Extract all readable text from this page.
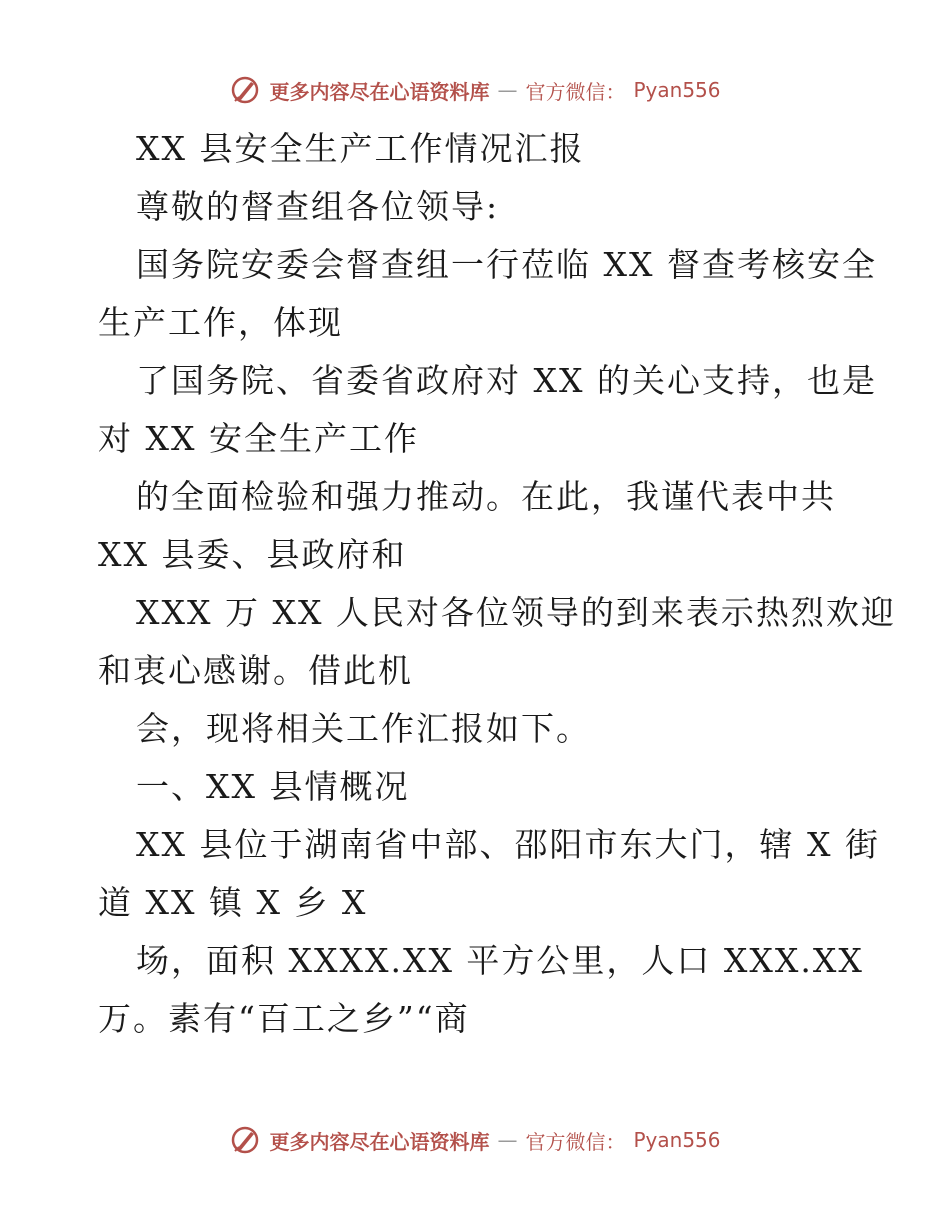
更多内容尽在心语资料库 — 官方微信： Pyan556
XX 县安全生产工作情况汇报
尊敬的督查组各位领导:
国务院安委会督查组一行莅临 XX 督查考核安全
生产工作，体现
了国务院、省委省政府对 XX 的关心支持，也是
对 XX 安全生产工作
的全面检验和强力推动。在此，我谨代表中共
XX 县委、县政府和
XXX 万 XX 人民对各位领导的到来表示热烈欢迎
和衷心感谢。借此机
会，现将相关工作汇报如下。
一、XX 县情概况
XX 县位于湖南省中部、邵阳市东大门，辖 X 街
道 XX 镇 X 乡 X
场，面积 XXXX.XX 平方公里，人口 XXX.XX
万。素有“百工之乡”“商
更多内容尽在心语资料库 — 官方微信： Pyan556
